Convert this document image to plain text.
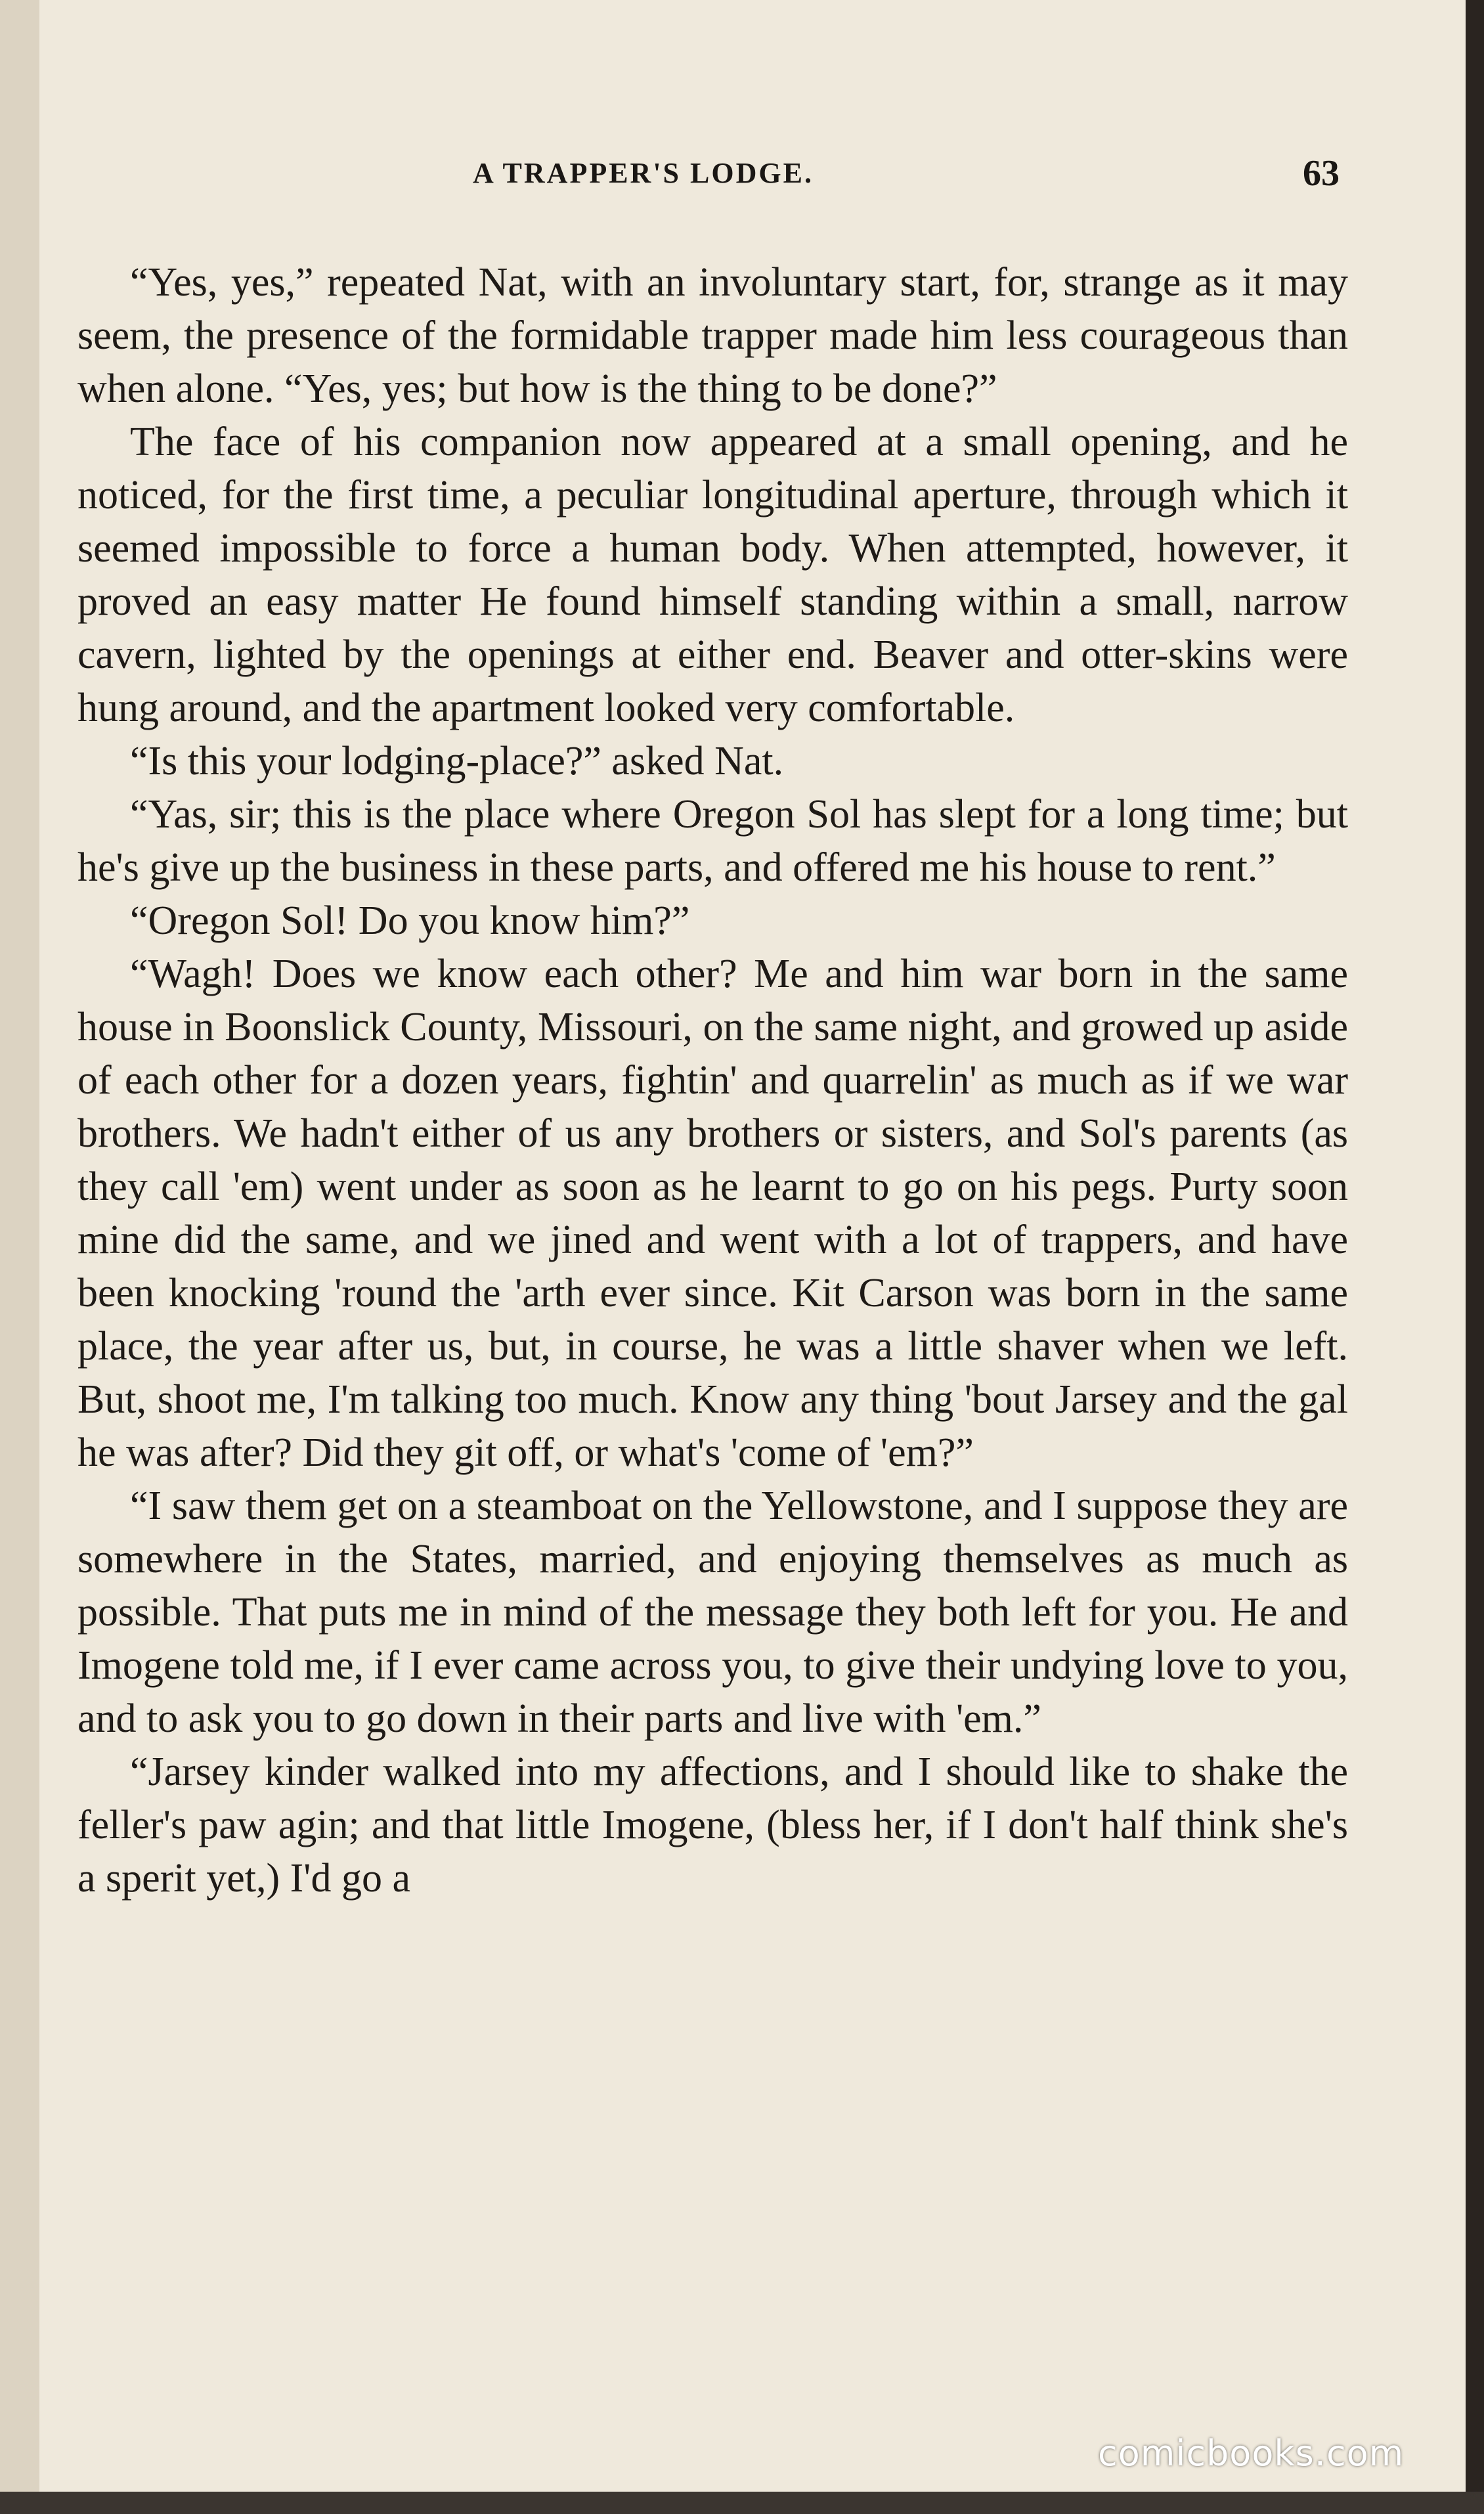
A TRAPPER'S LODGE.	63

“Yes, yes,” repeated Nat, with an involuntary start, for, strange as it may seem, the presence of the formidable trapper made him less courageous than when alone. “Yes, yes; but how is the thing to be done?”

The face of his companion now appeared at a small opening, and he noticed, for the first time, a peculiar longitudinal aperture, through which it seemed impossible to force a human body. When attempted, however, it proved an easy matter He found himself standing within a small, narrow cavern, lighted by the openings at either end. Beaver and otter-skins were hung around, and the apartment looked very comfortable.

“Is this your lodging-place?” asked Nat.

“Yas, sir; this is the place where Oregon Sol has slept for a long time; but he's give up the business in these parts, and offered me his house to rent.”

“Oregon Sol! Do you know him?”

“Wagh! Does we know each other? Me and him war born in the same house in Boonslick County, Missouri, on the same night, and growed up aside of each other for a dozen years, fightin' and quarrelin' as much as if we war brothers. We hadn't either of us any brothers or sisters, and Sol's parents (as they call 'em) went under as soon as he learnt to go on his pegs. Purty soon mine did the same, and we jined and went with a lot of trappers, and have been knocking 'round the 'arth ever since. Kit Carson was born in the same place, the year after us, but, in course, he was a little shaver when we left. But, shoot me, I'm talking too much. Know any thing 'bout Jarsey and the gal he was after? Did they git off, or what's 'come of 'em?”

“I saw them get on a steamboat on the Yellowstone, and I suppose they are somewhere in the States, married, and enjoying themselves as much as possible. That puts me in mind of the message they both left for you. He and Imogene told me, if I ever came across you, to give their undying love to you, and to ask you to go down in their parts and live with 'em.”

“Jarsey kinder walked into my affections, and I should like to shake the feller's paw agin; and that little Imogene, (bless her, if I don't half think she's a sperit yet,) I'd go a

comicbooks.com
